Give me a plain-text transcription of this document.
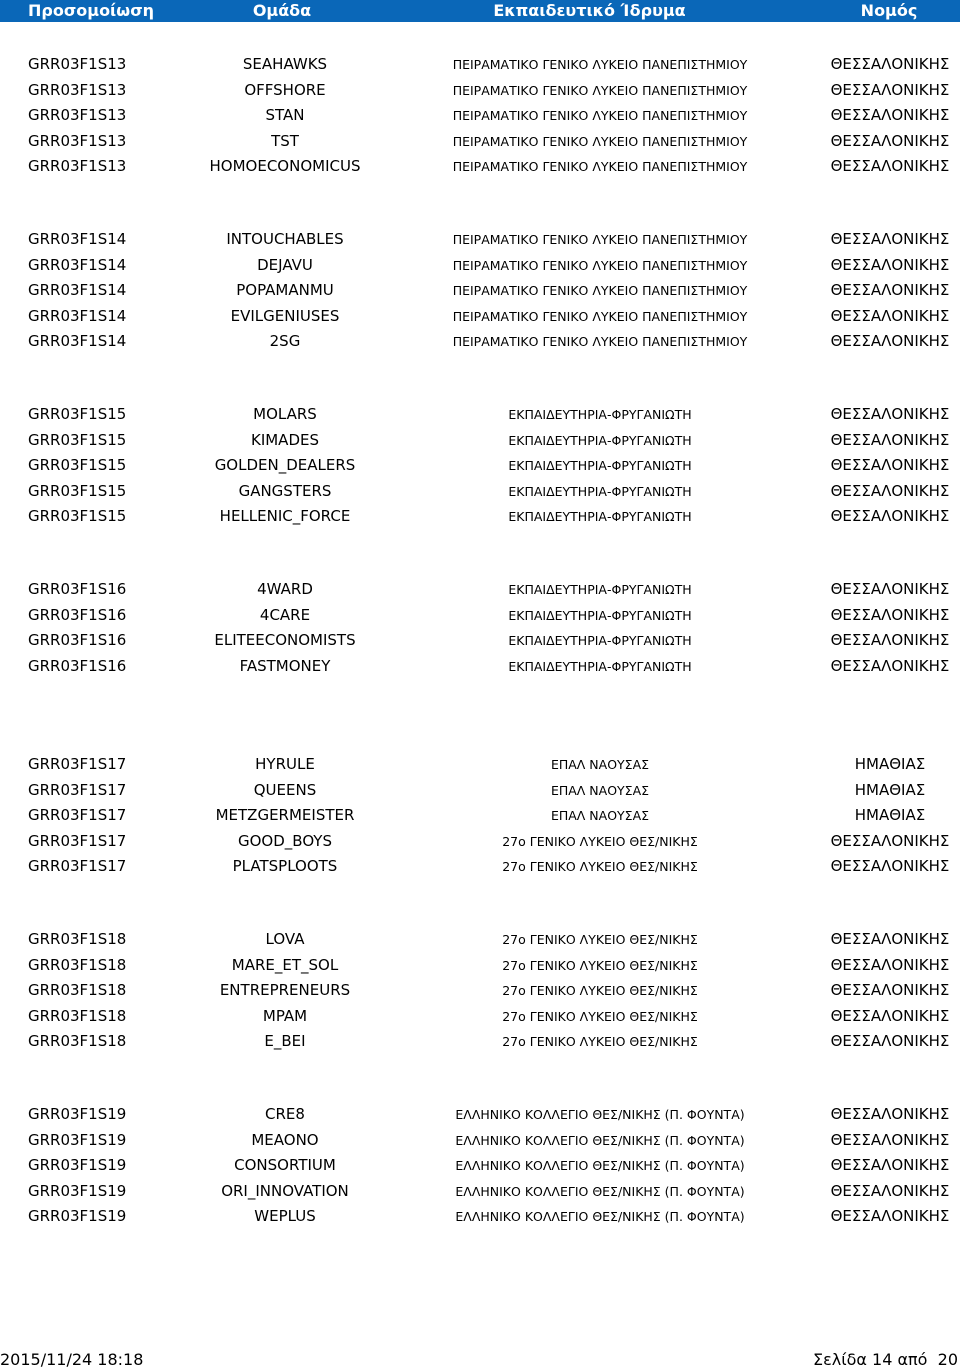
Προσομοίωση	Ομάδα	Εκπαιδευτικό Ίδρυμα	Νομός
GRR03F1S13	SEAHAWKS	ΠΕΙΡΑΜΑΤΙΚΟ ΓΕΝΙΚΟ ΛΥΚΕΙΟ ΠΑΝΕΠΙΣΤΗΜΙΟΥ	ΘΕΣΣΑΛΟΝΙΚΗΣ
GRR03F1S13	OFFSHORE	ΠΕΙΡΑΜΑΤΙΚΟ ΓΕΝΙΚΟ ΛΥΚΕΙΟ ΠΑΝΕΠΙΣΤΗΜΙΟΥ	ΘΕΣΣΑΛΟΝΙΚΗΣ
GRR03F1S13	STAN	ΠΕΙΡΑΜΑΤΙΚΟ ΓΕΝΙΚΟ ΛΥΚΕΙΟ ΠΑΝΕΠΙΣΤΗΜΙΟΥ	ΘΕΣΣΑΛΟΝΙΚΗΣ
GRR03F1S13	TST	ΠΕΙΡΑΜΑΤΙΚΟ ΓΕΝΙΚΟ ΛΥΚΕΙΟ ΠΑΝΕΠΙΣΤΗΜΙΟΥ	ΘΕΣΣΑΛΟΝΙΚΗΣ
GRR03F1S13	HOMOECONOMICUS	ΠΕΙΡΑΜΑΤΙΚΟ ΓΕΝΙΚΟ ΛΥΚΕΙΟ ΠΑΝΕΠΙΣΤΗΜΙΟΥ	ΘΕΣΣΑΛΟΝΙΚΗΣ
GRR03F1S14	INTOUCHABLES	ΠΕΙΡΑΜΑΤΙΚΟ ΓΕΝΙΚΟ ΛΥΚΕΙΟ ΠΑΝΕΠΙΣΤΗΜΙΟΥ	ΘΕΣΣΑΛΟΝΙΚΗΣ
GRR03F1S14	DEJAVU	ΠΕΙΡΑΜΑΤΙΚΟ ΓΕΝΙΚΟ ΛΥΚΕΙΟ ΠΑΝΕΠΙΣΤΗΜΙΟΥ	ΘΕΣΣΑΛΟΝΙΚΗΣ
GRR03F1S14	POPAMANMU	ΠΕΙΡΑΜΑΤΙΚΟ ΓΕΝΙΚΟ ΛΥΚΕΙΟ ΠΑΝΕΠΙΣΤΗΜΙΟΥ	ΘΕΣΣΑΛΟΝΙΚΗΣ
GRR03F1S14	EVILGENIUSES	ΠΕΙΡΑΜΑΤΙΚΟ ΓΕΝΙΚΟ ΛΥΚΕΙΟ ΠΑΝΕΠΙΣΤΗΜΙΟΥ	ΘΕΣΣΑΛΟΝΙΚΗΣ
GRR03F1S14	2SG	ΠΕΙΡΑΜΑΤΙΚΟ ΓΕΝΙΚΟ ΛΥΚΕΙΟ ΠΑΝΕΠΙΣΤΗΜΙΟΥ	ΘΕΣΣΑΛΟΝΙΚΗΣ
GRR03F1S15	MOLARS	ΕΚΠΑΙΔΕΥΤΗΡΙΑ-ΦΡΥΓΑΝΙΩΤΗ	ΘΕΣΣΑΛΟΝΙΚΗΣ
GRR03F1S15	KIMADES	ΕΚΠΑΙΔΕΥΤΗΡΙΑ-ΦΡΥΓΑΝΙΩΤΗ	ΘΕΣΣΑΛΟΝΙΚΗΣ
GRR03F1S15	GOLDEN_DEALERS	ΕΚΠΑΙΔΕΥΤΗΡΙΑ-ΦΡΥΓΑΝΙΩΤΗ	ΘΕΣΣΑΛΟΝΙΚΗΣ
GRR03F1S15	GANGSTERS	ΕΚΠΑΙΔΕΥΤΗΡΙΑ-ΦΡΥΓΑΝΙΩΤΗ	ΘΕΣΣΑΛΟΝΙΚΗΣ
GRR03F1S15	HELLENIC_FORCE	ΕΚΠΑΙΔΕΥΤΗΡΙΑ-ΦΡΥΓΑΝΙΩΤΗ	ΘΕΣΣΑΛΟΝΙΚΗΣ
GRR03F1S16	4WARD	ΕΚΠΑΙΔΕΥΤΗΡΙΑ-ΦΡΥΓΑΝΙΩΤΗ	ΘΕΣΣΑΛΟΝΙΚΗΣ
GRR03F1S16	4CARE	ΕΚΠΑΙΔΕΥΤΗΡΙΑ-ΦΡΥΓΑΝΙΩΤΗ	ΘΕΣΣΑΛΟΝΙΚΗΣ
GRR03F1S16	ELITEECONOMISTS	ΕΚΠΑΙΔΕΥΤΗΡΙΑ-ΦΡΥΓΑΝΙΩΤΗ	ΘΕΣΣΑΛΟΝΙΚΗΣ
GRR03F1S16	FASTMONEY	ΕΚΠΑΙΔΕΥΤΗΡΙΑ-ΦΡΥΓΑΝΙΩΤΗ	ΘΕΣΣΑΛΟΝΙΚΗΣ
GRR03F1S17	HYRULE	ΕΠΑΛ ΝΑΟΥΣΑΣ	ΗΜΑΘΙΑΣ
GRR03F1S17	QUEENS	ΕΠΑΛ ΝΑΟΥΣΑΣ	ΗΜΑΘΙΑΣ
GRR03F1S17	METZGERMEISTER	ΕΠΑΛ ΝΑΟΥΣΑΣ	ΗΜΑΘΙΑΣ
GRR03F1S17	GOOD_BOYS	27ο ΓΕΝΙΚΟ ΛΥΚΕΙΟ ΘΕΣ/ΝΙΚΗΣ	ΘΕΣΣΑΛΟΝΙΚΗΣ
GRR03F1S17	PLATSPLOOTS	27ο ΓΕΝΙΚΟ ΛΥΚΕΙΟ ΘΕΣ/ΝΙΚΗΣ	ΘΕΣΣΑΛΟΝΙΚΗΣ
GRR03F1S18	LOVA	27ο ΓΕΝΙΚΟ ΛΥΚΕΙΟ ΘΕΣ/ΝΙΚΗΣ	ΘΕΣΣΑΛΟΝΙΚΗΣ
GRR03F1S18	MARE_ET_SOL	27ο ΓΕΝΙΚΟ ΛΥΚΕΙΟ ΘΕΣ/ΝΙΚΗΣ	ΘΕΣΣΑΛΟΝΙΚΗΣ
GRR03F1S18	ENTREPRENEURS	27ο ΓΕΝΙΚΟ ΛΥΚΕΙΟ ΘΕΣ/ΝΙΚΗΣ	ΘΕΣΣΑΛΟΝΙΚΗΣ
GRR03F1S18	MPAM	27ο ΓΕΝΙΚΟ ΛΥΚΕΙΟ ΘΕΣ/ΝΙΚΗΣ	ΘΕΣΣΑΛΟΝΙΚΗΣ
GRR03F1S18	E_BEI	27ο ΓΕΝΙΚΟ ΛΥΚΕΙΟ ΘΕΣ/ΝΙΚΗΣ	ΘΕΣΣΑΛΟΝΙΚΗΣ
GRR03F1S19	CRE8	ΕΛΛΗΝΙΚΟ ΚΟΛΛΕΓΙΟ ΘΕΣ/ΝΙΚΗΣ (Π. ΦΟΥΝΤΑ)	ΘΕΣΣΑΛΟΝΙΚΗΣ
GRR03F1S19	MEAONO	ΕΛΛΗΝΙΚΟ ΚΟΛΛΕΓΙΟ ΘΕΣ/ΝΙΚΗΣ (Π. ΦΟΥΝΤΑ)	ΘΕΣΣΑΛΟΝΙΚΗΣ
GRR03F1S19	CONSORTIUM	ΕΛΛΗΝΙΚΟ ΚΟΛΛΕΓΙΟ ΘΕΣ/ΝΙΚΗΣ (Π. ΦΟΥΝΤΑ)	ΘΕΣΣΑΛΟΝΙΚΗΣ
GRR03F1S19	ORI_INNOVATION	ΕΛΛΗΝΙΚΟ ΚΟΛΛΕΓΙΟ ΘΕΣ/ΝΙΚΗΣ (Π. ΦΟΥΝΤΑ)	ΘΕΣΣΑΛΟΝΙΚΗΣ
GRR03F1S19	WEPLUS	ΕΛΛΗΝΙΚΟ ΚΟΛΛΕΓΙΟ ΘΕΣ/ΝΙΚΗΣ (Π. ΦΟΥΝΤΑ)	ΘΕΣΣΑΛΟΝΙΚΗΣ
2015/11/24 18:18	Σελίδα 14 από  20
